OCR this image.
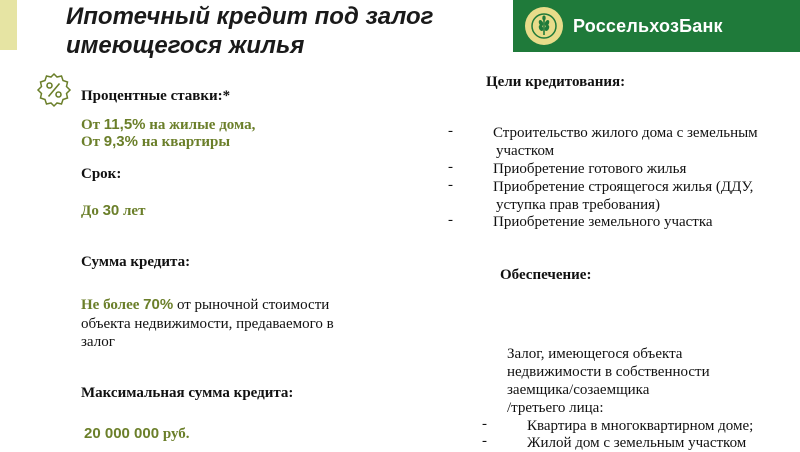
Ипотечный кредит под залог
имеющегося жилья
РоссельхозБанк
Процентные ставки:*
От 11,5% на жилые дома,
От 9,3% на квартиры
Срок:
До 30 лет
Сумма кредита:
Не более 70% от рыночной стоимости
объекта недвижимости, предаваемого в
залог
Максимальная сумма кредита:
20 000 000 руб.
Цели кредитования:
-	Строительство жилого дома с земельным
участком
-	Приобретение готового жилья
-	Приобретение строящегося жилья (ДДУ,
уступка прав требования)
-	Приобретение земельного участка
Обеспечение:
Залог, имеющегося объекта
недвижимости в собственности
заемщика/созаемщика
/третьего лица:
-	Квартира в многоквартирном доме;
-	Жилой дом с земельным участком
